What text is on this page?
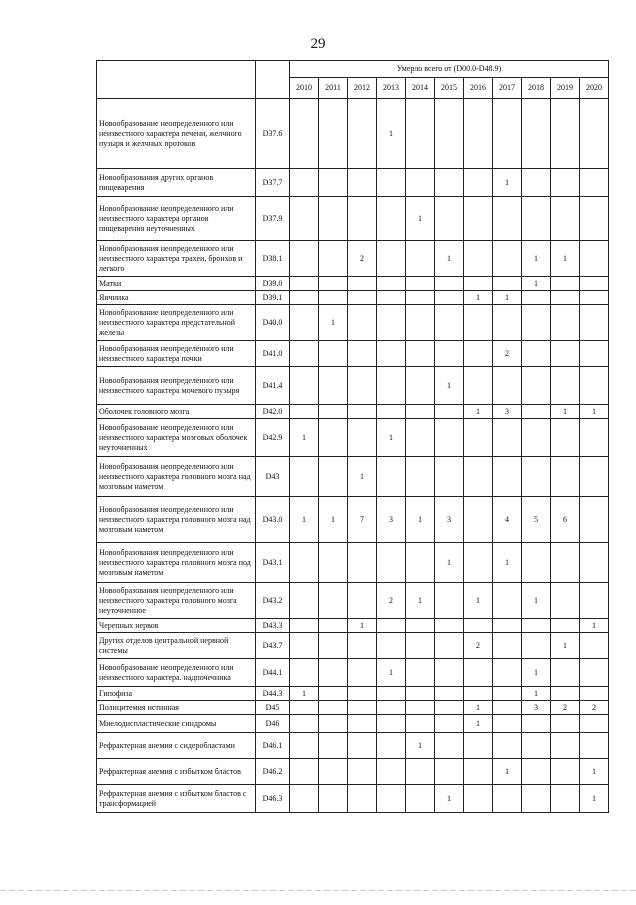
29
		Умерло всего от (D00.0-D48.9)										
		2010	2011	2012	2013	2014	2015	2016	2017	2018	2019	2020
Новообразование неопределенного или неизвестного характера печени, желчного пузыря и желчных протоков	D37.6				1							
Новообразования других органов пищеварения	D37.7								1			
Новообразование неопределенного или неизвестного характера органов пищеварения неуточненных	D37.9					1						
Новообразования неопределенного или неизвестного характера трахеи, бронхов и легкого	D38.1			2			1			1	1	
Матки	D39.0									1		
Яичника	D39.1							1	1			
Новообразование неопределенного или неизвестного характера предстательной железы	D40.0		1									
Новообразования неопределенного или неизвестного характера почки	D41.0								2			
Новообразования неопределенного или неизвестного характера мочевого пузыря	D41.4						1					
Оболочек головного мозга	D42.0							1	3		1	1
Новообразование неопределенного или неизвестного характера мозговых оболочек неуточненных	D42.9	1			1							
Новообразования неопределенного или неизвестного характера головного мозга над мозговым наметом	D43			1								
Новообразования неопределенного или неизвестного характера головного мозга над мозговым наметом	D43.0	1	1	7	3	1	3		4	5	6	
Новообразования неопределенного или неизвестного характера головного мозга под мозговым наметом	D43.1						1		1			
Новообразования неопределенного или неизвестного характера головного мозга неуточненное	D43.2				2	1		1		1		
Черепных нервов	D43.3			1								1
Других отделов центральной нервной системы	D43.7							2			1	
Новообразование неопределенного или неизвестного характера. надпочечника	D44.1				1					1		
Гипофиза	D44.3	1								1		
Полицитемия истинная	D45							1		3	2	2
Миелодиспластические синдромы	D46							1				
Рефрактерная анемия с сидеробластами	D46.1					1						
Рефрактерная анемия с избытком бластов	D46.2								1			1
Рефрактерная анемия с избытком бластов с трансформацией	D46.3						1					1
